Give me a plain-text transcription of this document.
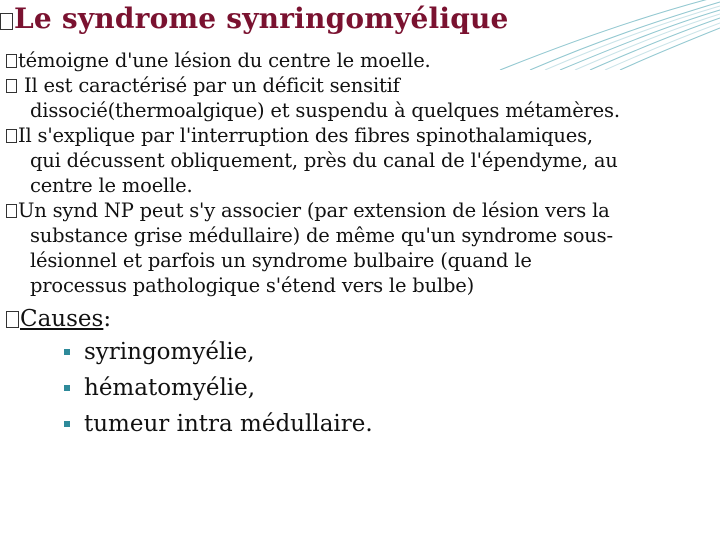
Le syndrome synringomyélique

témoigne d'une lésion du centre le moelle.

Il est caractérisé par un déficit sensitif
dissocié(thermoalgique) et suspendu à quelques métamères.

Il s'explique par l'interruption des fibres spinothalamiques,
qui décussent obliquement, près du canal de l'épendyme, au
centre le moelle.

Un synd NP peut s'y associer (par extension de lésion vers la
substance grise médullaire) de même qu'un syndrome sous-
lésionnel et parfois un syndrome bulbaire (quand le
processus pathologique s'étend vers le bulbe)

Causes:

syringomyélie,
hématomyélie,
tumeur intra médullaire.
